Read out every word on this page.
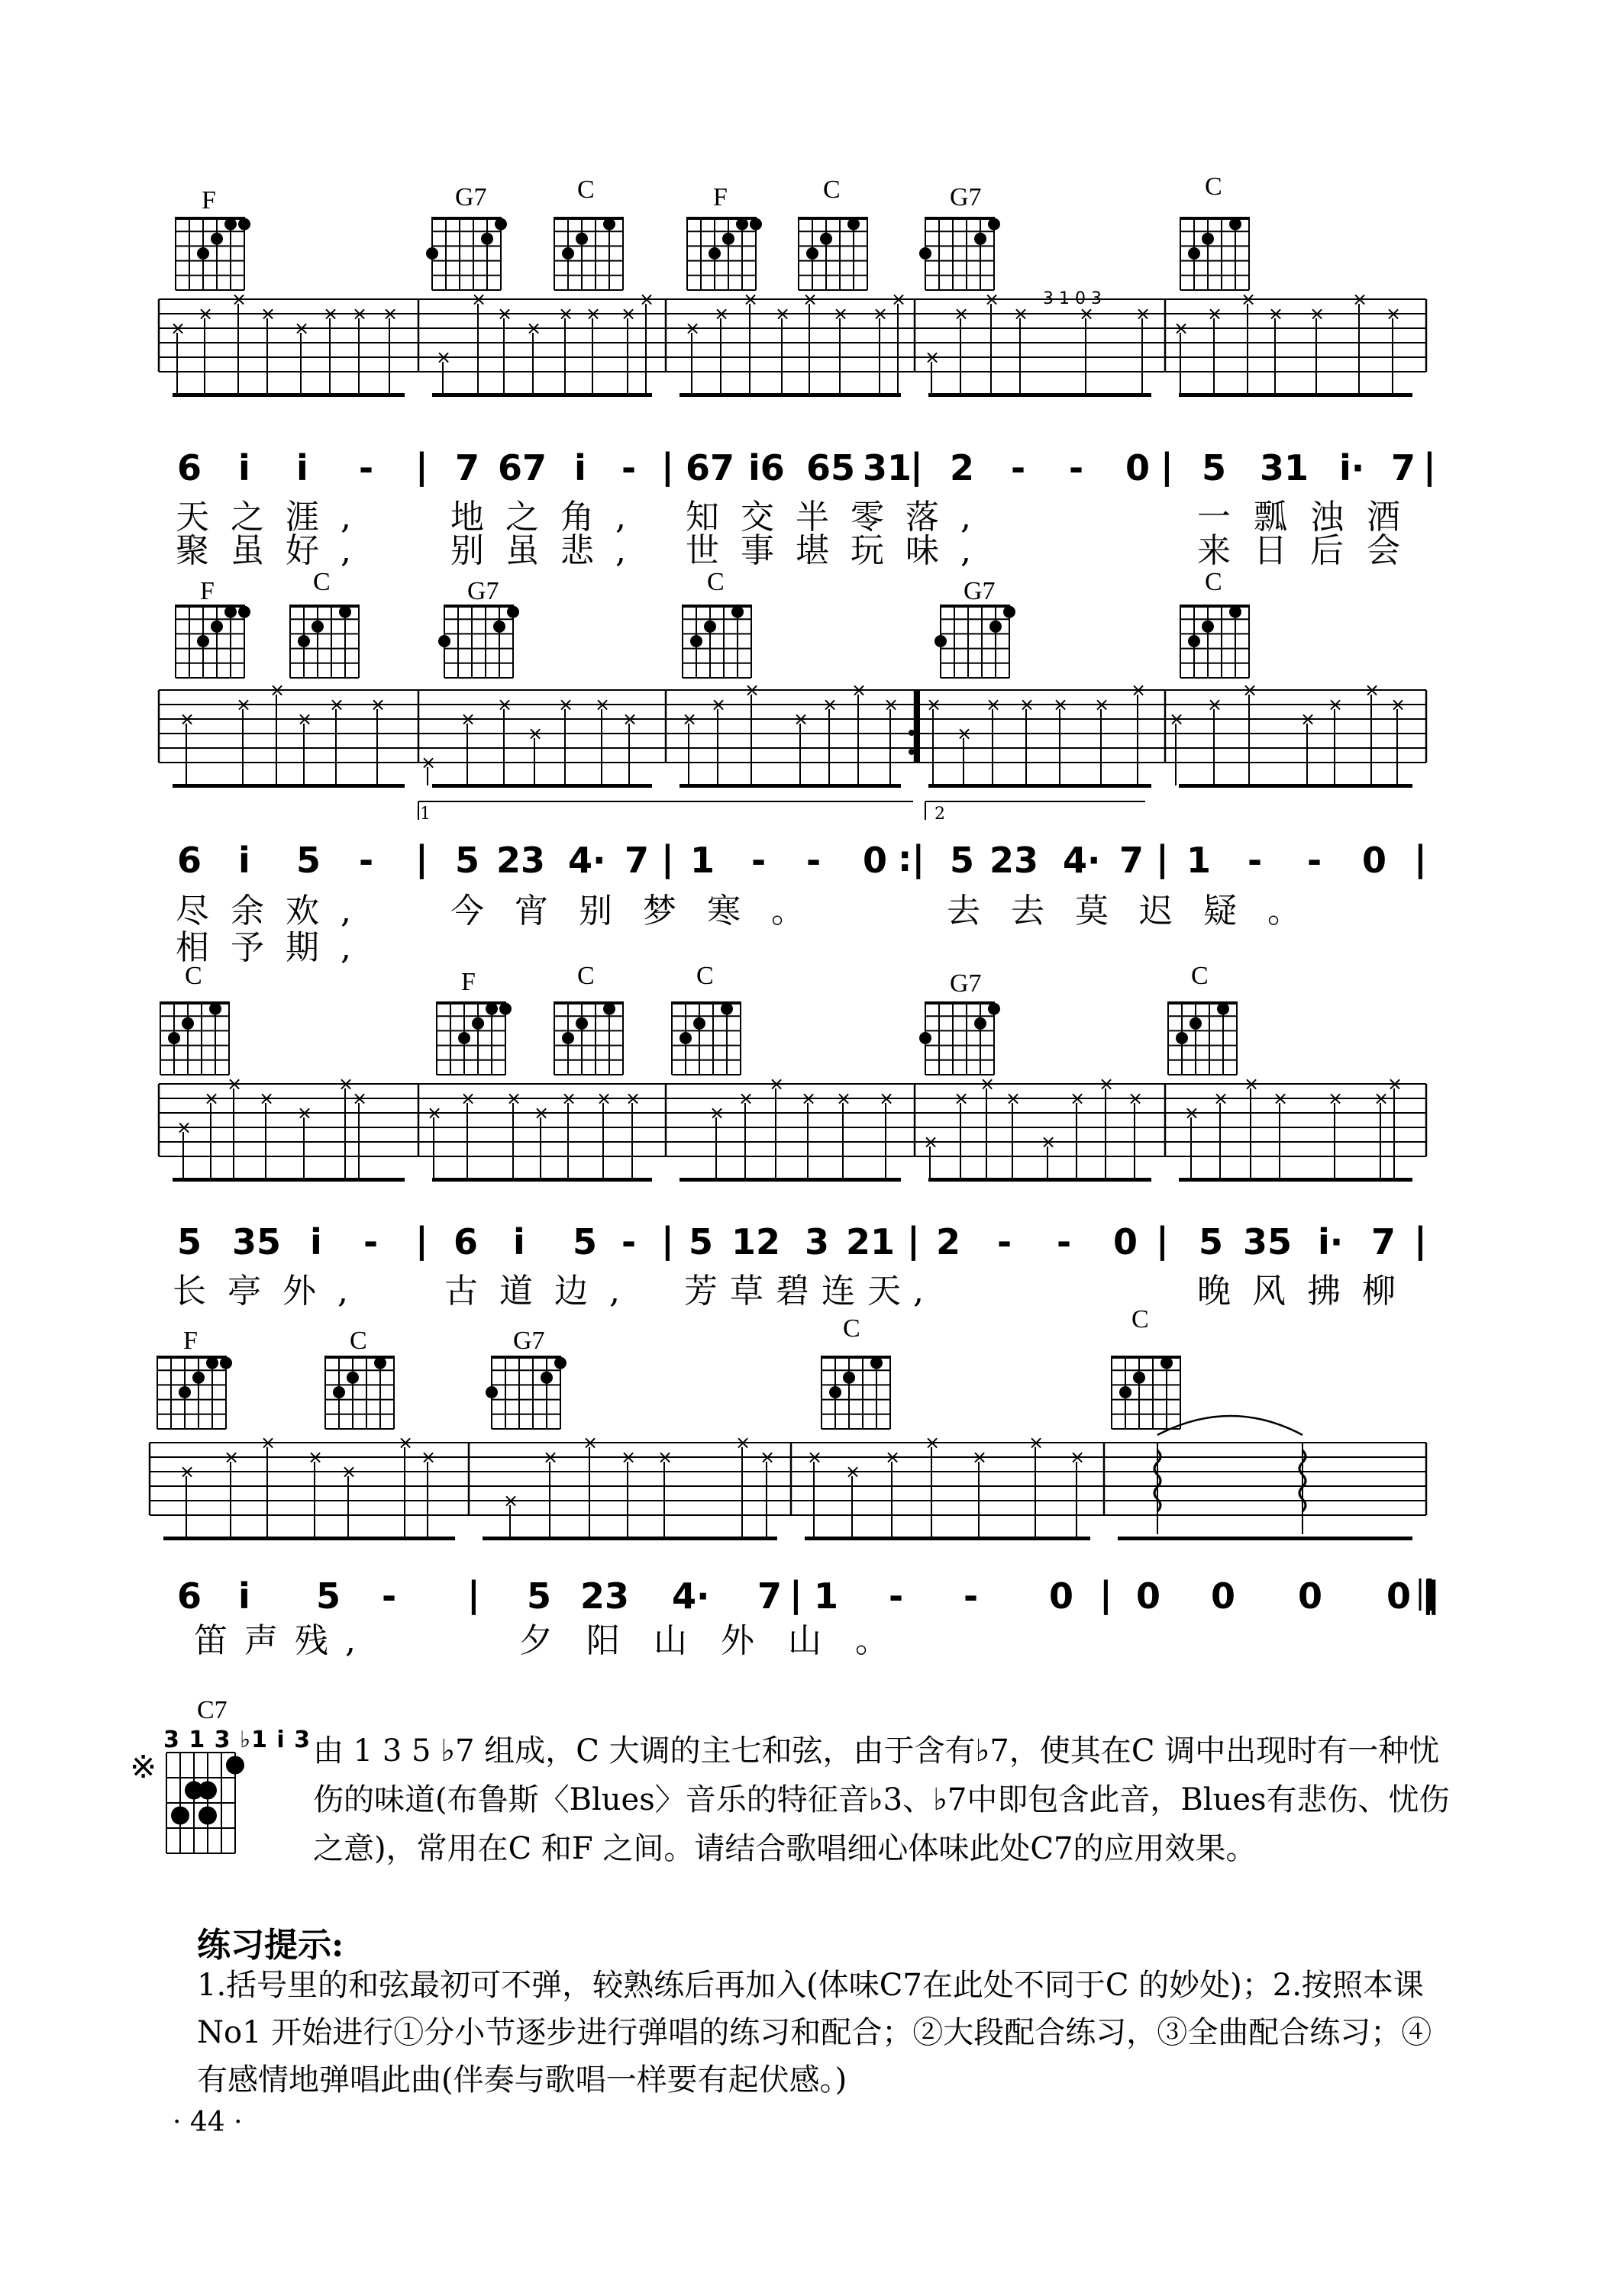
×
×
×
×
×
× × ×
×
×
×
×
× × ×
×
×
×
×
×
×
× ×
×
×
×
×
×	× ×
×
×
×
× ×
×
×
3 1 0 3
×
×
×
×
× ×
×
×
×
×
× ×
× ×
×
×
×
×
×
× ×
×
× × × ×
×
×
×
×
×
×
×
×
×
×
×
×
×
×
×
×
× ×
×
× × ×
×
×
×
× × ×
×
×
×
×
×
×
×
×
×
×
×
× × ×
×
×
×
×
×
×
×
×
×
×
×
× ×
×
× ×
×
×
×
×
×
×
F	G7	C	F	C	G7	C
6 i i - | 7 67 i - | 67 i6 65 31
| 2 - - 0 | 5 31 i· 7 |
天之涯, 地之角, 知交半零落,	一瓢浊酒
聚虽好, 别虽悲, 世事堪玩味,	来日后会
F	C	G7	C	G7	C
1	2
6 i 5 - | 5 23 4· 7 | 1 - - 0 :| 5 23 4· 7 | 1 - - 0 |
尽余欢, 今宵别梦寒。	去去莫迟疑。
相予期,
C	F	C	C	G7	C
5 35 i - | 6 i 5 - | 5 12 3 21 | 2 - - 0 | 5 35 i· 7 |
长亭外, 古道边, 芳草碧连天,	晚风拂柳
F	C	G7	C	C
6 i 5 - | 5 23 4· 7 | 1 - - 0 | 0 0 0 0 ‖
笛声残,	夕阳山外山。
C7
3 1 3 ♭1 i 3
※	由 1 3 5 ♭7 组成，C 大调的主七和弦，由于含有♭7，使其在C 调中出现时有一种忧伤的味道(布鲁斯〈Blues〉音乐的特征音♭3、♭7中即包含此音，Blues有悲伤、忧伤之意)，常用在C 和F 之间。请结合歌唱细心体味此处C7的应用效果。
练习提示:
1.括号里的和弦最初可不弹，较熟练后再加入(体味C7在此处不同于C 的妙处)；2.按照本课No1 开始进行①分小节逐步进行弹唱的练习和配合；②大段配合练习，③全曲配合练习；④有感情地弹唱此曲(伴奏与歌唱一样要有起伏感。)
· 44 ·
